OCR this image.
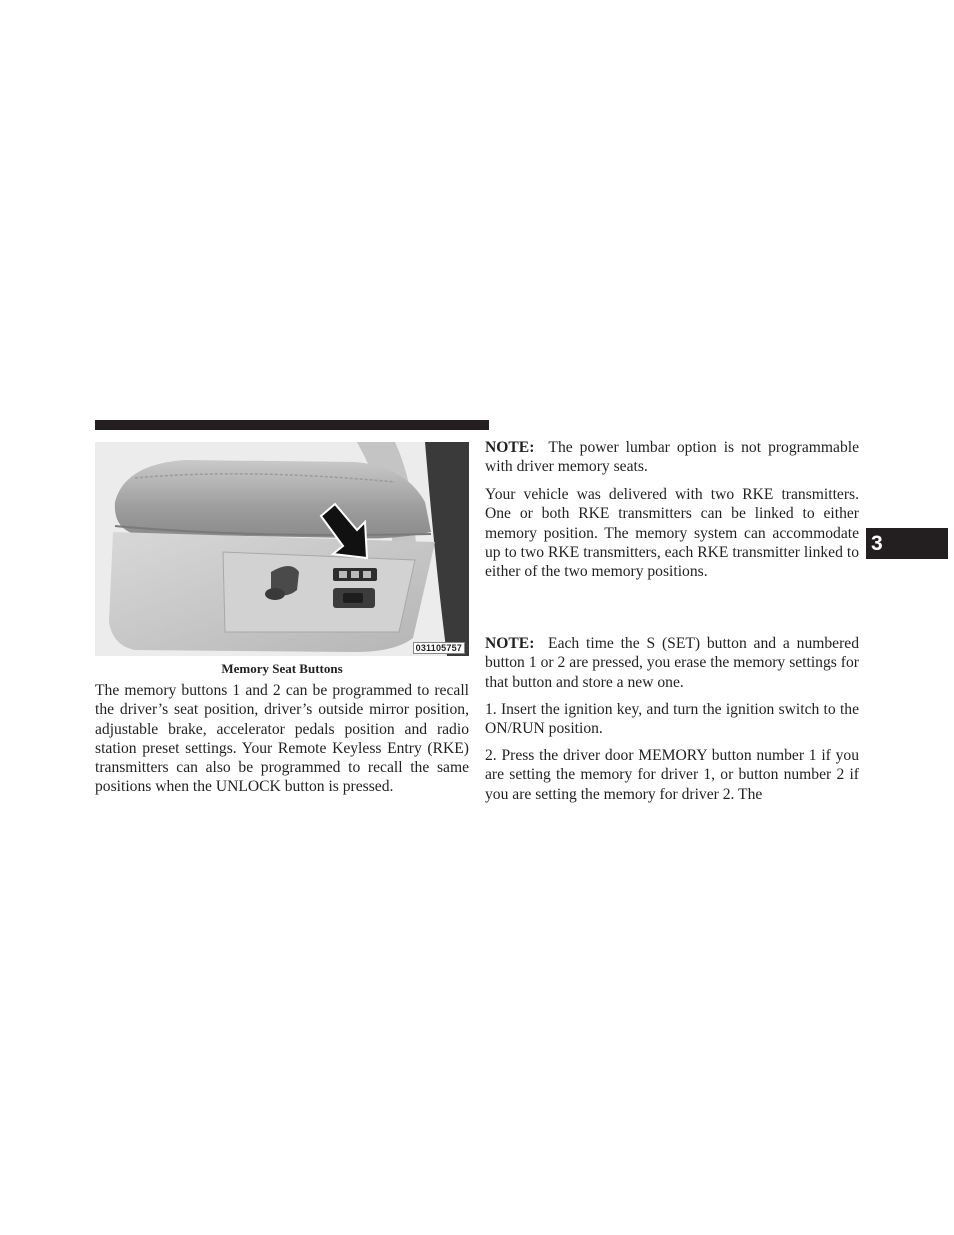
031105757
Memory Seat Buttons

The memory buttons 1 and 2 can be programmed to recall the driver’s seat position, driver’s outside mirror position, adjustable brake, accelerator pedals position and radio station preset settings. Your Remote Keyless Entry (RKE) transmitters can also be programmed to recall the same positions when the UNLOCK button is pressed.

NOTE: The power lumbar option is not programmable with driver memory seats.

Your vehicle was delivered with two RKE transmitters. One or both RKE transmitters can be linked to either memory position. The memory system can accommodate up to two RKE transmitters, each RKE transmitter linked to either of the two memory positions.

NOTE: Each time the S (SET) button and a numbered button 1 or 2 are pressed, you erase the memory settings for that button and store a new one.

1. Insert the ignition key, and turn the ignition switch to the ON/RUN position.

2. Press the driver door MEMORY button number 1 if you are setting the memory for driver 1, or button number 2 if you are setting the memory for driver 2. The

3
